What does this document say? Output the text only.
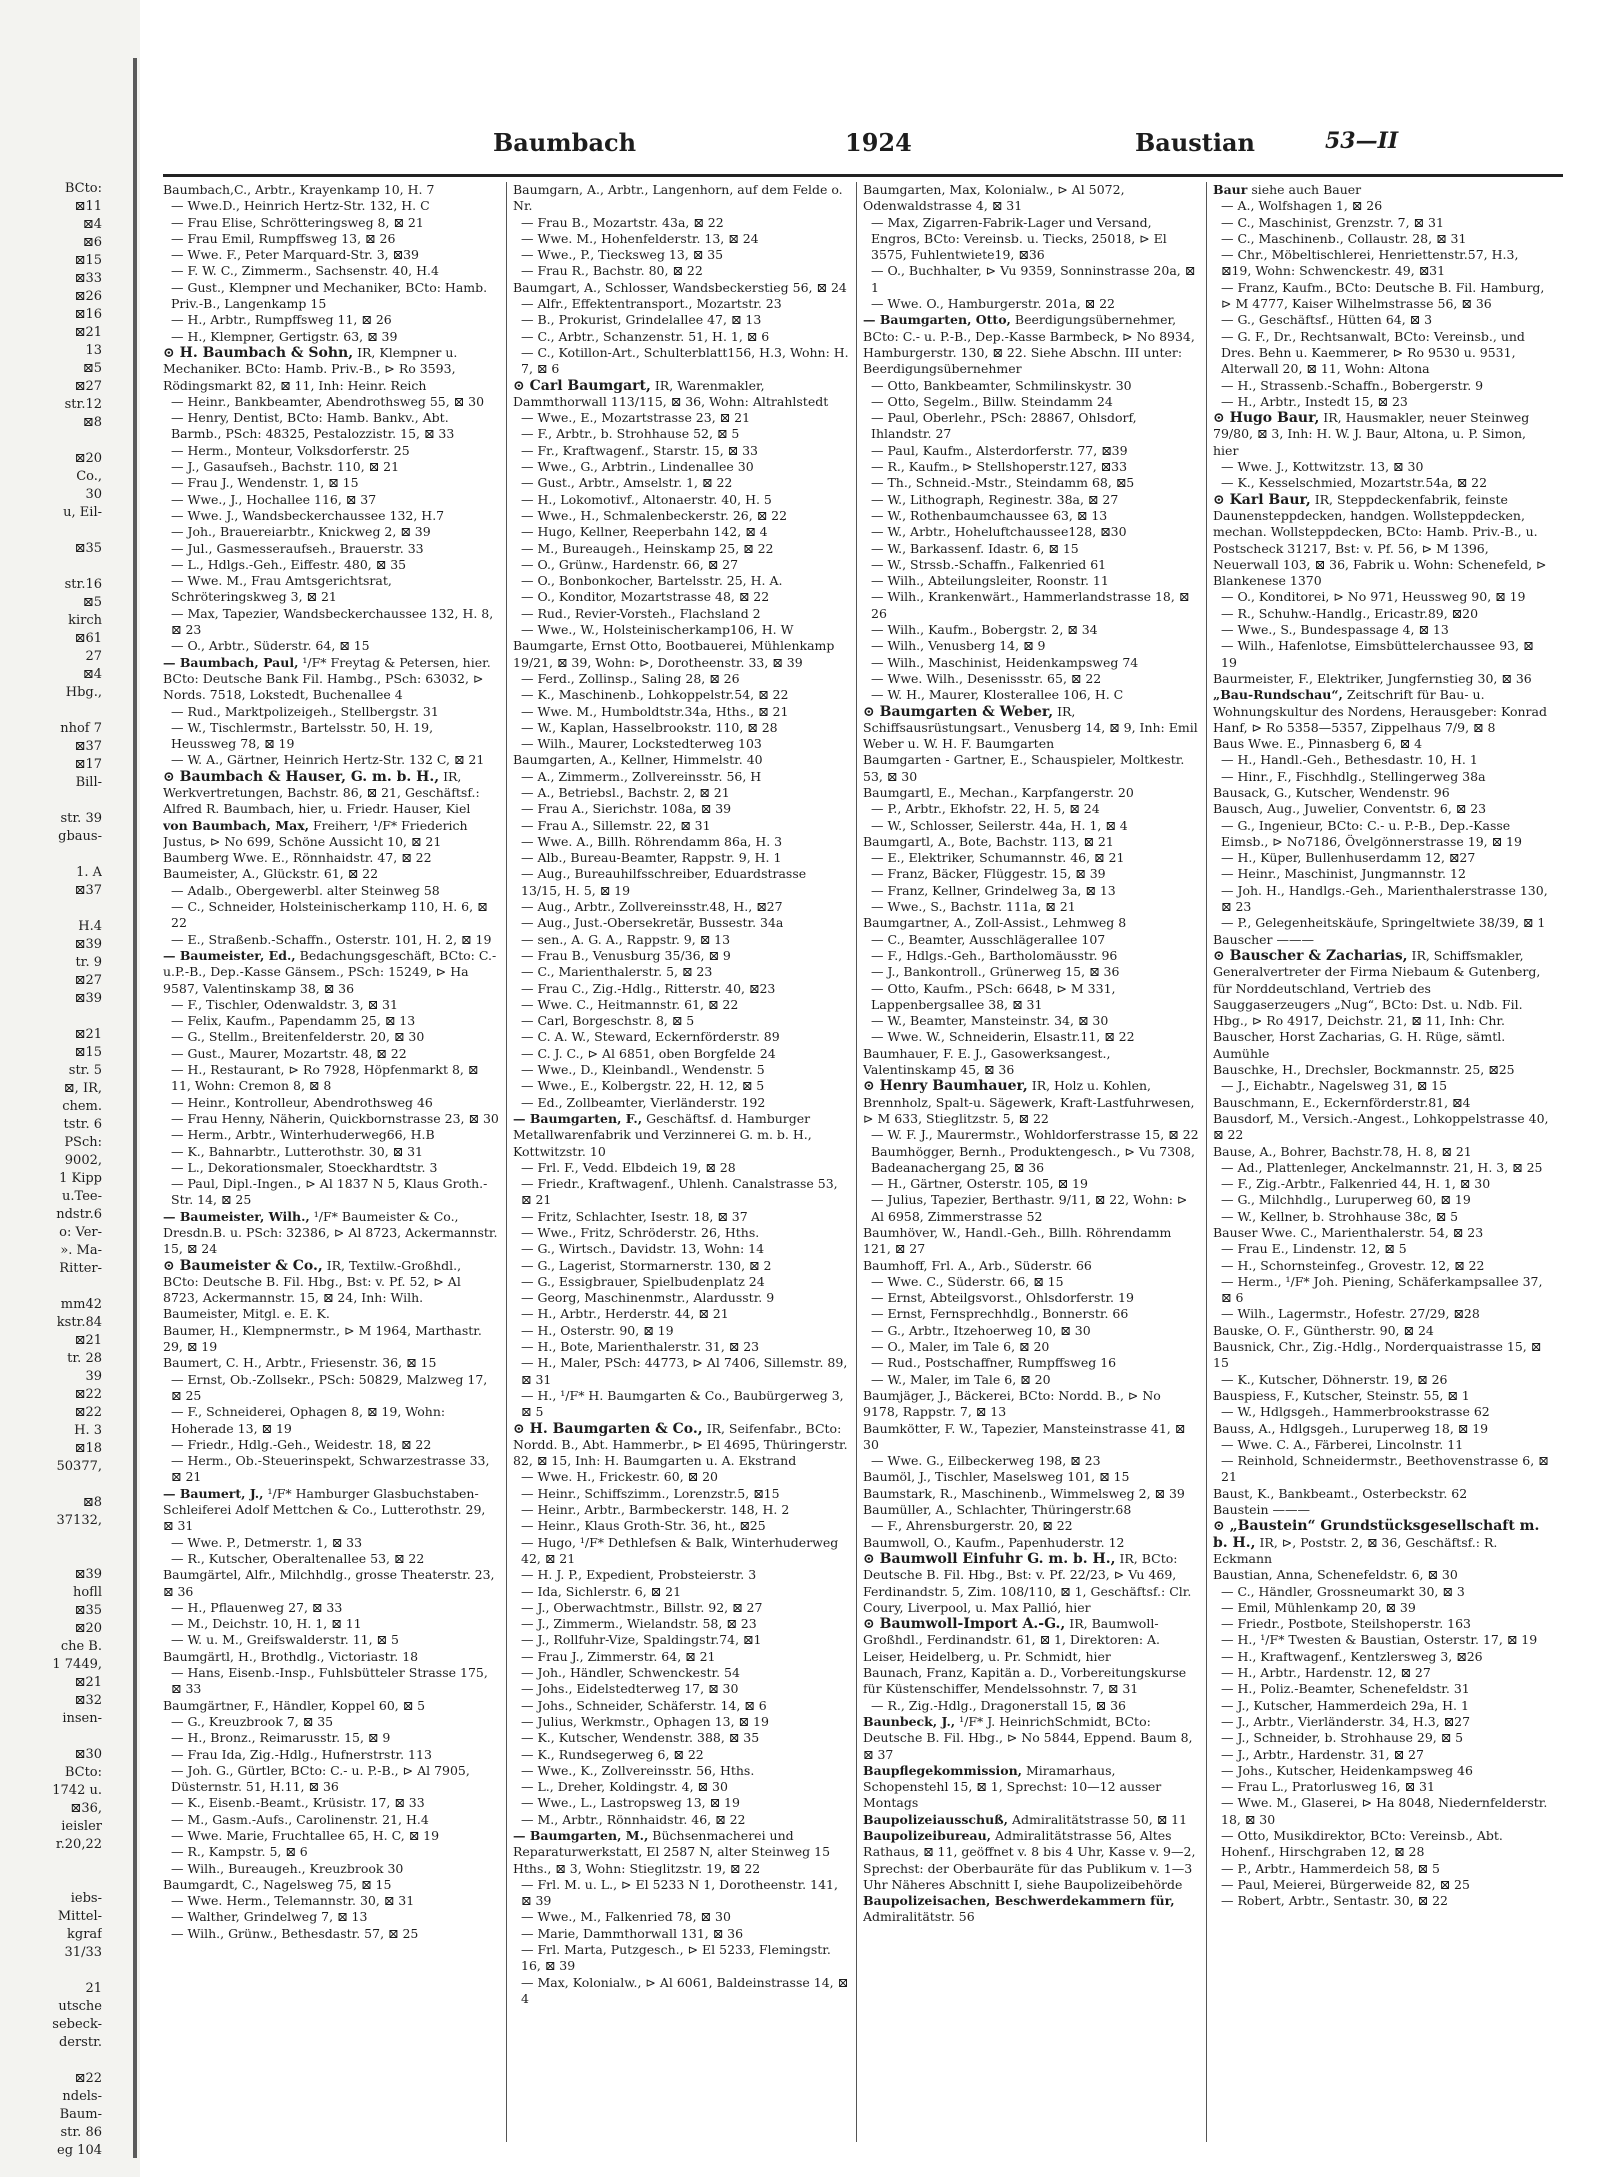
BCto:
⊠11
⊠4
⊠6
⊠15
⊠33
⊠26
⊠16
⊠21
13
⊠5
⊠27
str.12
⊠8
⊠20
Co.,
30
u, Eil-
⊠35
str.16
⊠5
kirch
⊠61
27
⊠4
Hbg.,
nhof 7
⊠37
⊠17
Bill-
str. 39
gbaus-
1. A
⊠37
H.4
⊠39
tr. 9
⊠27
⊠39
⊠21
⊠15
str. 5
⊠, IR,
chem.
tstr. 6
PSch:
9002,
1 Kipp
u.Tee-
ndstr.6
o: Ver-
». Ma-
Ritter-
mm42
kstr.84
⊠21
tr. 28
39
⊠22
⊠22
H. 3
⊠18
50377,
⊠8
37132,
⊠39
hofll
⊠35
⊠20
che B.
1 7449,
⊠21
⊠32
insen-
⊠30
BCto:
1742 u.
⊠36,
ieisler
r.20,22
iebs-
Mittel-
kgraf
31/33
21
utsche
sebeck-
derstr.
⊠22
ndels-
Baum-
str. 86
eg 104
Baumbach	1924	Baustian	53—II
Baumbach,C., Arbtr., Krayenkamp 10, H. 7
— Wwe.D., Heinrich Hertz-Str. 132, H. C
— Frau Elise, Schrötteringsweg 8, ⊠ 21
— Frau Emil, Rumpffsweg 13, ⊠ 26
— Wwe. F., Peter Marquard-Str. 3, ⊠39
— F. W. C., Zimmerm., Sachsenstr. 40, H.4
— Gust., Klempner und Mechaniker, BCto: Hamb. Priv.-B., Langenkamp 15
— H., Arbtr., Rumpffsweg 11, ⊠ 26
— H., Klempner, Gertigstr. 63, ⊠ 39
⊙ H. Baumbach & Sohn, IR, Klempner u. Mechaniker. BCto: Hamb. Priv.-B., ⊳ Ro 3593, Rödingsmarkt 82, ⊠ 11, Inh: Heinr. Reich
— Heinr., Bankbeamter, Abendrothsweg 55, ⊠ 30
— Henry, Dentist, BCto: Hamb. Bankv., Abt. Barmb., PSch: 48325, Pestalozzistr. 15, ⊠ 33
— Herm., Monteur, Volksdorferstr. 25
— J., Gasaufseh., Bachstr. 110, ⊠ 21
— Frau J., Wendenstr. 1, ⊠ 15
— Wwe., J., Hochallee 116, ⊠ 37
— Wwe. J., Wandsbeckerchaussee 132, H.7
— Joh., Brauereiarbtr., Knickweg 2, ⊠ 39
— Jul., Gasmesseraufseh., Brauerstr. 33
— L., Hdlgs.-Geh., Eiffestr. 480, ⊠ 35
— Wwe. M., Frau Amtsgerichtsrat, Schröteringskweg 3, ⊠ 21
— Max, Tapezier, Wandsbeckerchaussee 132, H. 8, ⊠ 23
— O., Arbtr., Süderstr. 64, ⊠ 15
— Baumbach, Paul, ¹/F* Freytag & Petersen, hier. BCto: Deutsche Bank Fil. Hambg., PSch: 63032, ⊳ Nords. 7518, Lokstedt, Buchenallee 4
— Rud., Marktpolizeigeh., Stellbergstr. 31
— W., Tischlermstr., Bartelsstr. 50, H. 19, Heussweg 78, ⊠ 19
— W. A., Gärtner, Heinrich Hertz-Str. 132 C, ⊠ 21
⊙ Baumbach & Hauser, G. m. b. H., IR, Werkvertretungen, Bachstr. 86, ⊠ 21, Geschäftsf.: Alfred R. Baumbach, hier, u. Friedr. Hauser, Kiel
von Baumbach, Max, Freiherr, ¹/F* Friederich Justus, ⊳ No 699, Schöne Aussicht 10, ⊠ 21
Baumberg Wwe. E., Rönnhaidstr. 47, ⊠ 22
Baumeister, A., Glückstr. 61, ⊠ 22
— Adalb., Obergewerbl. alter Steinweg 58
— C., Schneider, Holsteinischerkamp 110, H. 6, ⊠ 22
— E., Straßenb.-Schaffn., Osterstr. 101, H. 2, ⊠ 19
— Baumeister, Ed., Bedachungsgeschäft, BCto: C.-u.P.-B., Dep.-Kasse Gänsem., PSch: 15249, ⊳ Ha 9587, Valentinskamp 38, ⊠ 36
— F., Tischler, Odenwaldstr. 3, ⊠ 31
— Felix, Kaufm., Papendamm 25, ⊠ 13
— G., Stellm., Breitenfelderstr. 20, ⊠ 30
— Gust., Maurer, Mozartstr. 48, ⊠ 22
— H., Restaurant, ⊳ Ro 7928, Höpfenmarkt 8, ⊠ 11, Wohn: Cremon 8, ⊠ 8
— Heinr., Kontrolleur, Abendrothsweg 46
— Frau Henny, Näherin, Quickbornstrasse 23, ⊠ 30
— Herm., Arbtr., Winterhuderweg66, H.B
— K., Bahnarbtr., Lutterothstr. 30, ⊠ 31
— L., Dekorationsmaler, Stoeckhardtstr. 3
— Paul, Dipl.-Ingen., ⊳ Al 1837 N 5, Klaus Groth.-Str. 14, ⊠ 25
— Baumeister, Wilh., ¹/F* Baumeister & Co., Dresdn.B. u. PSch: 32386, ⊳ Al 8723, Ackermannstr. 15, ⊠ 24
⊙ Baumeister & Co., IR, Textilw.-Großhdl., BCto: Deutsche B. Fil. Hbg., Bst: v. Pf. 52, ⊳ Al 8723, Ackermannstr. 15, ⊠ 24, Inh: Wilh. Baumeister, Mitgl. e. E. K.
Baumer, H., Klempnermstr., ⊳ M 1964, Marthastr. 29, ⊠ 19
Baumert, C. H., Arbtr., Friesenstr. 36, ⊠ 15
— Ernst, Ob.-Zollsekr., PSch: 50829, Malzweg 17, ⊠ 25
— F., Schneiderei, Ophagen 8, ⊠ 19, Wohn: Hoherade 13, ⊠ 19
— Friedr., Hdlg.-Geh., Weidestr. 18, ⊠ 22
— Herm., Ob.-Steuerinspekt, Schwarzestrasse 33, ⊠ 21
— Baumert, J., ¹/F* Hamburger Glasbuchstaben-Schleiferei Adolf Mettchen & Co., Lutterothstr. 29, ⊠ 31
— Wwe. P., Detmerstr. 1, ⊠ 33
— R., Kutscher, Oberaltenallee 53, ⊠ 22
Baumgärtel, Alfr., Milchhdlg., grosse Theaterstr. 23, ⊠ 36
— H., Pflauenweg 27, ⊠ 33
— M., Deichstr. 10, H. 1, ⊠ 11
— W. u. M., Greifswalderstr. 11, ⊠ 5
Baumgärtl, H., Brothdlg., Victoriastr. 18
— Hans, Eisenb.-Insp., Fuhlsbütteler Strasse 175, ⊠ 33
Baumgärtner, F., Händler, Koppel 60, ⊠ 5
— G., Kreuzbrook 7, ⊠ 35
— H., Bronz., Reimarusstr. 15, ⊠ 9
— Frau Ida, Zig.-Hdlg., Hufnerstrstr. 113
— Joh. G., Gürtler, BCto: C.- u. P.-B., ⊳ Al 7905, Düsternstr. 51, H.11, ⊠ 36
— K., Eisenb.-Beamt., Krüsistr. 17, ⊠ 33
— M., Gasm.-Aufs., Carolinenstr. 21, H.4
— Wwe. Marie, Fruchtallee 65, H. C, ⊠ 19
— R., Kampstr. 5, ⊠ 6
— Wilh., Bureaugeh., Kreuzbrook 30
Baumgardt, C., Nagelsweg 75, ⊠ 15
— Wwe. Herm., Telemannstr. 30, ⊠ 31
— Walther, Grindelweg 7, ⊠ 13
— Wilh., Grünw., Bethesdastr. 57, ⊠ 25
Baumgarn, A., Arbtr., Langenhorn, auf dem Felde o. Nr.
— Frau B., Mozartstr. 43a, ⊠ 22
— Wwe. M., Hohenfelderstr. 13, ⊠ 24
— Wwe., P., Tiecksweg 13, ⊠ 35
— Frau R., Bachstr. 80, ⊠ 22
Baumgart, A., Schlosser, Wandsbeckerstieg 56, ⊠ 24
— Alfr., Effektentransport., Mozartstr. 23
— B., Prokurist, Grindelallee 47, ⊠ 13
— C., Arbtr., Schanzenstr. 51, H. 1, ⊠ 6
— C., Kotillon-Art., Schulterblatt156, H.3, Wohn: H. 7, ⊠ 6
⊙ Carl Baumgart, IR, Warenmakler, Dammthorwall 113/115, ⊠ 36, Wohn: Altrahlstedt
— Wwe., E., Mozartstrasse 23, ⊠ 21
— F., Arbtr., b. Strohhause 52, ⊠ 5
— Fr., Kraftwagenf., Starstr. 15, ⊠ 33
— Wwe., G., Arbtrin., Lindenallee 30
— Gust., Arbtr., Amselstr. 1, ⊠ 22
— H., Lokomotivf., Altonaerstr. 40, H. 5
— Wwe., H., Schmalenbeckerstr. 26, ⊠ 22
— Hugo, Kellner, Reeperbahn 142, ⊠ 4
— M., Bureaugeh., Heinskamp 25, ⊠ 22
— O., Grünw., Hardenstr. 66, ⊠ 27
— O., Bonbonkocher, Bartelsstr. 25, H. A.
— O., Konditor, Mozartstrasse 48, ⊠ 22
— Rud., Revier-Vorsteh., Flachsland 2
— Wwe., W., Holsteinischerkamp106, H. W
Baumgarte, Ernst Otto, Bootbauerei, Mühlenkamp 19/21, ⊠ 39, Wohn: ⊳, Dorotheenstr. 33, ⊠ 39
— Ferd., Zollinsp., Saling 28, ⊠ 26
— K., Maschinenb., Lohkoppelstr.54, ⊠ 22
— Wwe. M., Humboldtstr.34a, Hths., ⊠ 21
— W., Kaplan, Hasselbrookstr. 110, ⊠ 28
— Wilh., Maurer, Lockstedterweg 103
Baumgarten, A., Kellner, Himmelstr. 40
— A., Zimmerm., Zollvereinsstr. 56, H
— A., Betriebsl., Bachstr. 2, ⊠ 21
— Frau A., Sierichstr. 108a, ⊠ 39
— Frau A., Sillemstr. 22, ⊠ 31
— Wwe. A., Billh. Röhrendamm 86a, H. 3
— Alb., Bureau-Beamter, Rappstr. 9, H. 1
— Aug., Bureauhilfsschreiber, Eduardstrasse 13/15, H. 5, ⊠ 19
— Aug., Arbtr., Zollvereinsstr.48, H., ⊠27
— Aug., Just.-Obersekretär, Bussestr. 34a
— sen., A. G. A., Rappstr. 9, ⊠ 13
— Frau B., Venusburg 35/36, ⊠ 9
— C., Marienthalerstr. 5, ⊠ 23
— Frau C., Zig.-Hdlg., Ritterstr. 40, ⊠23
— Wwe. C., Heitmannstr. 61, ⊠ 22
— Carl, Borgeschstr. 8, ⊠ 5
— C. A. W., Steward, Eckernförderstr. 89
— C. J. C., ⊳ Al 6851, oben Borgfelde 24
— Wwe., D., Kleinbandl., Wendenstr. 5
— Wwe., E., Kolbergstr. 22, H. 12, ⊠ 5
— Ed., Zollbeamter, Vierländerstr. 192
— Baumgarten, F., Geschäftsf. d. Hamburger Metallwarenfabrik und Verzinnerei G. m. b. H., Kottwitzstr. 10
— Frl. F., Vedd. Elbdeich 19, ⊠ 28
— Friedr., Kraftwagenf., Uhlenh. Canalstrasse 53, ⊠ 21
— Fritz, Schlachter, Isestr. 18, ⊠ 37
— Wwe., Fritz, Schröderstr. 26, Hths.
— G., Wirtsch., Davidstr. 13, Wohn: 14
— G., Lagerist, Stormarnerstr. 130, ⊠ 2
— G., Essigbrauer, Spielbudenplatz 24
— Georg, Maschinenmstr., Alardusstr. 9
— H., Arbtr., Herderstr. 44, ⊠ 21
— H., Osterstr. 90, ⊠ 19
— H., Bote, Marienthalerstr. 31, ⊠ 23
— H., Maler, PSch: 44773, ⊳ Al 7406, Sillemstr. 89, ⊠ 31
— H., ¹/F* H. Baumgarten & Co., Baubürgerweg 3, ⊠ 5
⊙ H. Baumgarten & Co., IR, Seifenfabr., BCto: Nordd. B., Abt. Hammerbr., ⊳ El 4695, Thüringerstr. 82, ⊠ 15, Inh: H. Baumgarten u. A. Ekstrand
— Wwe. H., Frickestr. 60, ⊠ 20
— Heinr., Schiffszimm., Lorenzstr.5, ⊠15
— Heinr., Arbtr., Barmbeckerstr. 148, H. 2
— Heinr., Klaus Groth-Str. 36, ht., ⊠25
— Hugo, ¹/F* Dethlefsen & Balk, Winterhuderweg 42, ⊠ 21
— H. J. P., Expedient, Probsteierstr. 3
— Ida, Sichlerstr. 6, ⊠ 21
— J., Oberwachtmstr., Billstr. 92, ⊠ 27
— J., Zimmerm., Wielandstr. 58, ⊠ 23
— J., Rollfuhr-Vize, Spaldingstr.74, ⊠1
— Frau J., Zimmerstr. 64, ⊠ 21
— Joh., Händler, Schwenckestr. 54
— Johs., Eidelstedterweg 17, ⊠ 30
— Johs., Schneider, Schäferstr. 14, ⊠ 6
— Julius, Werkmstr., Ophagen 13, ⊠ 19
— K., Kutscher, Wendenstr. 388, ⊠ 35
— K., Rundsegerweg 6, ⊠ 22
— Wwe., K., Zollvereinsstr. 56, Hths.
— L., Dreher, Koldingstr. 4, ⊠ 30
— Wwe., L., Lastropsweg 13, ⊠ 19
— M., Arbtr., Rönnhaidstr. 46, ⊠ 22
— Baumgarten, M., Büchsenmacherei und Reparaturwerkstatt, El 2587 N, alter Steinweg 15 Hths., ⊠ 3, Wohn: Stieglitzstr. 19, ⊠ 22
— Frl. M. u. L., ⊳ El 5233 N 1, Dorotheenstr. 141, ⊠ 39
— Wwe., M., Falkenried 78, ⊠ 30
— Marie, Dammthorwall 131, ⊠ 36
— Frl. Marta, Putzgesch., ⊳ El 5233, Flemingstr. 16, ⊠ 39
— Max, Kolonialw., ⊳ Al 6061, Baldeinstrasse 14, ⊠ 4
Baumgarten, Max, Kolonialw., ⊳ Al 5072, Odenwaldstrasse 4, ⊠ 31
— Max, Zigarren-Fabrik-Lager und Versand, Engros, BCto: Vereinsb. u. Tiecks, 25018, ⊳ El 3575, Fuhlentwiete19, ⊠36
— O., Buchhalter, ⊳ Vu 9359, Sonninstrasse 20a, ⊠ 1
— Wwe. O., Hamburgerstr. 201a, ⊠ 22
— Baumgarten, Otto, Beerdigungsübernehmer, BCto: C.- u. P.-B., Dep.-Kasse Barmbeck, ⊳ No 8934, Hamburgerstr. 130, ⊠ 22. Siehe Abschn. III unter: Beerdigungsübernehmer
— Otto, Bankbeamter, Schmilinskystr. 30
— Otto, Segelm., Billw. Steindamm 24
— Paul, Oberlehr., PSch: 28867, Ohlsdorf, Ihlandstr. 27
— Paul, Kaufm., Alsterdorferstr. 77, ⊠39
— R., Kaufm., ⊳ Stellshoperstr.127, ⊠33
— Th., Schneid.-Mstr., Steindamm 68, ⊠5
— W., Lithograph, Reginestr. 38a, ⊠ 27
— W., Rothenbaumchaussee 63, ⊠ 13
— W., Arbtr., Hoheluftchaussee128, ⊠30
— W., Barkassenf. Idastr. 6, ⊠ 15
— W., Strssb.-Schaffn., Falkenried 61
— Wilh., Abteilungsleiter, Roonstr. 11
— Wilh., Krankenwärt., Hammerlandstrasse 18, ⊠ 26
— Wilh., Kaufm., Bobergstr. 2, ⊠ 34
— Wilh., Venusberg 14, ⊠ 9
— Wilh., Maschinist, Heidenkampsweg 74
— Wwe. Wilh., Desenissstr. 65, ⊠ 22
— W. H., Maurer, Klosterallee 106, H. C
⊙ Baumgarten & Weber, IR, Schiffsausrüstungsart., Venusberg 14, ⊠ 9, Inh: Emil Weber u. W. H. F. Baumgarten
Baumgarten - Gartner, E., Schauspieler, Moltkestr. 53, ⊠ 30
Baumgartl, E., Mechan., Karpfangerstr. 20
— P., Arbtr., Ekhofstr. 22, H. 5, ⊠ 24
— W., Schlosser, Seilerstr. 44a, H. 1, ⊠ 4
Baumgartl, A., Bote, Bachstr. 113, ⊠ 21
— E., Elektriker, Schumannstr. 46, ⊠ 21
— Franz, Bäcker, Flüggestr. 15, ⊠ 39
— Franz, Kellner, Grindelweg 3a, ⊠ 13
— Wwe., S., Bachstr. 111a, ⊠ 21
Baumgartner, A., Zoll-Assist., Lehmweg 8
— C., Beamter, Ausschlägerallee 107
— F., Hdlgs.-Geh., Bartholomäusstr. 96
— J., Bankontroll., Grünerweg 15, ⊠ 36
— Otto, Kaufm., PSch: 6648, ⊳ M 331, Lappenbergsallee 38, ⊠ 31
— W., Beamter, Mansteinstr. 34, ⊠ 30
— Wwe. W., Schneiderin, Elsastr.11, ⊠ 22
Baumhauer, F. E. J., Gasowerksangest., Valentinskamp 45, ⊠ 36
⊙ Henry Baumhauer, IR, Holz u. Kohlen, Brennholz, Spalt-u. Sägewerk, Kraft-Lastfuhrwesen, ⊳ M 633, Stieglitzstr. 5, ⊠ 22
— W. F. J., Maurermstr., Wohldorferstrasse 15, ⊠ 22
Baumhögger, Bernh., Produktengesch., ⊳ Vu 7308, Badeanachergang 25, ⊠ 36
— H., Gärtner, Osterstr. 105, ⊠ 19
— Julius, Tapezier, Berthastr. 9/11, ⊠ 22, Wohn: ⊳ Al 6958, Zimmerstrasse 52
Baumhöver, W., Handl.-Geh., Billh. Röhrendamm 121, ⊠ 27
Baumhoff, Frl. A., Arb., Süderstr. 66
— Wwe. C., Süderstr. 66, ⊠ 15
— Ernst, Abteilgsvorst., Ohlsdorferstr. 19
— Ernst, Fernsprechhdlg., Bonnerstr. 66
— G., Arbtr., Itzehoerweg 10, ⊠ 30
— O., Maler, im Tale 6, ⊠ 20
— Rud., Postschaffner, Rumpffsweg 16
— W., Maler, im Tale 6, ⊠ 20
Baumjäger, J., Bäckerei, BCto: Nordd. B., ⊳ No 9178, Rappstr. 7, ⊠ 13
Baumkötter, F. W., Tapezier, Mansteinstrasse 41, ⊠ 30
— Wwe. G., Eilbeckerweg 198, ⊠ 23
Baumöl, J., Tischler, Maselsweg 101, ⊠ 15
Baumstark, R., Maschinenb., Wimmelsweg 2, ⊠ 39
Baumüller, A., Schlachter, Thüringerstr.68
— F., Ahrensburgerstr. 20, ⊠ 22
Baumwoll, O., Kaufm., Papenhuderstr. 12
⊙ Baumwoll Einfuhr G. m. b. H., IR, BCto: Deutsche B. Fil. Hbg., Bst: v. Pf. 22/23, ⊳ Vu 469, Ferdinandstr. 5, Zim. 108/110, ⊠ 1, Geschäftsf.: Clr. Coury, Liverpool, u. Max Pallió, hier
⊙ Baumwoll-Import A.-G., IR, Baumwoll-Großhdl., Ferdinandstr. 61, ⊠ 1, Direktoren: A. Leiser, Heidelberg, u. Pr. Schmidt, hier
Baunach, Franz, Kapitän a. D., Vorbereitungskurse für Küstenschiffer, Mendelssohnstr. 7, ⊠ 31
— R., Zig.-Hdlg., Dragonerstall 15, ⊠ 36
Baunbeck, J., ¹/F* J. HeinrichSchmidt, BCto: Deutsche B. Fil. Hbg., ⊳ No 5844, Eppend. Baum 8, ⊠ 37
Baupflegekommission, Miramarhaus, Schopenstehl 15, ⊠ 1, Sprechst: 10—12 ausser Montags
Baupolizeiausschuß, Admiralitätstrasse 50, ⊠ 11
Baupolizeibureau, Admiralitätstrasse 56, Altes Rathaus, ⊠ 11, geöffnet v. 8 bis 4 Uhr, Kasse v. 9—2, Sprechst: der Oberbauräte für das Publikum v. 1—3 Uhr Näheres Abschnitt I, siehe Baupolizeibehörde
Baupolizeisachen, Beschwerdekammern für, Admiralitätstr. 56
Baur siehe auch Bauer
— A., Wolfshagen 1, ⊠ 26
— C., Maschinist, Grenzstr. 7, ⊠ 31
— C., Maschinenb., Collaustr. 28, ⊠ 31
— Chr., Möbeltischlerei, Henriettenstr.57, H.3, ⊠19, Wohn: Schwenckestr. 49, ⊠31
— Franz, Kaufm., BCto: Deutsche B. Fil. Hamburg, ⊳ M 4777, Kaiser Wilhelmstrasse 56, ⊠ 36
— G., Geschäftsf., Hütten 64, ⊠ 3
— G. F., Dr., Rechtsanwalt, BCto: Vereinsb., und Dres. Behn u. Kaemmerer, ⊳ Ro 9530 u. 9531, Alterwall 20, ⊠ 11, Wohn: Altona
— H., Strassenb.-Schaffn., Bobergerstr. 9
— H., Arbtr., Instedt 15, ⊠ 23
⊙ Hugo Baur, IR, Hausmakler, neuer Steinweg 79/80, ⊠ 3, Inh: H. W. J. Baur, Altona, u. P. Simon, hier
— Wwe. J., Kottwitzstr. 13, ⊠ 30
— K., Kesselschmied, Mozartstr.54a, ⊠ 22
⊙ Karl Baur, IR, Steppdeckenfabrik, feinste Daunensteppdecken, handgen. Wollsteppdecken, mechan. Wollsteppdecken, BCto: Hamb. Priv.-B., u. Postscheck 31217, Bst: v. Pf. 56, ⊳ M 1396, Neuerwall 103, ⊠ 36, Fabrik u. Wohn: Schenefeld, ⊳ Blankenese 1370
— O., Konditorei, ⊳ No 971, Heussweg 90, ⊠ 19
— R., Schuhw.-Handlg., Ericastr.89, ⊠20
— Wwe., S., Bundespassage 4, ⊠ 13
— Wilh., Hafenlotse, Eimsbüttelerchaussee 93, ⊠ 19
Baurmeister, F., Elektriker, Jungfernstieg 30, ⊠ 36
„Bau-Rundschau“, Zeitschrift für Bau- u. Wohnungskultur des Nordens, Herausgeber: Konrad Hanf, ⊳ Ro 5358—5357, Zippelhaus 7/9, ⊠ 8
Baus Wwe. E., Pinnasberg 6, ⊠ 4
— H., Handl.-Geh., Bethesdastr. 10, H. 1
— Hinr., F., Fischhdlg., Stellingerweg 38a
Bausack, G., Kutscher, Wendenstr. 96
Bausch, Aug., Juwelier, Conventstr. 6, ⊠ 23
— G., Ingenieur, BCto: C.- u. P.-B., Dep.-Kasse Eimsb., ⊳ No7186, Övelgönnerstrasse 19, ⊠ 19
— H., Küper, Bullenhuserdamm 12, ⊠27
— Heinr., Maschinist, Jungmannstr. 12
— Joh. H., Handlgs.-Geh., Marienthalerstrasse 130, ⊠ 23
— P., Gelegenheitskäufe, Springeltwiete 38/39, ⊠ 1
Bauscher ———
⊙ Bauscher & Zacharias, IR, Schiffsmakler, Generalvertreter der Firma Niebaum & Gutenberg, für Norddeutschland, Vertrieb des Sauggaserzeugers „Nug“, BCto: Dst. u. Ndb. Fil. Hbg., ⊳ Ro 4917, Deichstr. 21, ⊠ 11, Inh: Chr. Bauscher, Horst Zacharias, G. H. Rüge, sämtl. Aumühle
Bauschke, H., Drechsler, Bockmannstr. 25, ⊠25
— J., Eichabtr., Nagelsweg 31, ⊠ 15
Bauschmann, E., Eckernförderstr.81, ⊠4
Bausdorf, M., Versich.-Angest., Lohkoppelstrasse 40, ⊠ 22
Bause, A., Bohrer, Bachstr.78, H. 8, ⊠ 21
— Ad., Plattenleger, Anckelmannstr. 21, H. 3, ⊠ 25
— F., Zig.-Arbtr., Falkenried 44, H. 1, ⊠ 30
— G., Milchhdlg., Luruperweg 60, ⊠ 19
— W., Kellner, b. Strohhause 38c, ⊠ 5
Bauser Wwe. C., Marienthalerstr. 54, ⊠ 23
— Frau E., Lindenstr. 12, ⊠ 5
— H., Schornsteinfeg., Grovestr. 12, ⊠ 22
— Herm., ¹/F* Joh. Piening, Schäferkampsallee 37, ⊠ 6
— Wilh., Lagermstr., Hofestr. 27/29, ⊠28
Bauske, O. F., Güntherstr. 90, ⊠ 24
Bausnick, Chr., Zig.-Hdlg., Norderquaistrasse 15, ⊠ 15
— K., Kutscher, Döhnerstr. 19, ⊠ 26
Bauspiess, F., Kutscher, Steinstr. 55, ⊠ 1
— W., Hdlgsgeh., Hammerbrookstrasse 62
Bauss, A., Hdlgsgeh., Luruperweg 18, ⊠ 19
— Wwe. C. A., Färberei, Lincolnstr. 11
— Reinhold, Schneidermstr., Beethovenstrasse 6, ⊠ 21
Baust, K., Bankbeamt., Osterbeckstr. 62
Baustein ———
⊙ „Baustein“ Grundstücksgesellschaft m. b. H., IR, ⊳, Poststr. 2, ⊠ 36, Geschäftsf.: R. Eckmann
Baustian, Anna, Schenefeldstr. 6, ⊠ 30
— C., Händler, Grossneumarkt 30, ⊠ 3
— Emil, Mühlenkamp 20, ⊠ 39
— Friedr., Postbote, Steilshoperstr. 163
— H., ¹/F* Twesten & Baustian, Osterstr. 17, ⊠ 19
— H., Kraftwagenf., Kentzlersweg 3, ⊠26
— H., Arbtr., Hardenstr. 12, ⊠ 27
— H., Poliz.-Beamter, Schenefeldstr. 31
— J., Kutscher, Hammerdeich 29a, H. 1
— J., Arbtr., Vierländerstr. 34, H.3, ⊠27
— J., Schneider, b. Strohhause 29, ⊠ 5
— J., Arbtr., Hardenstr. 31, ⊠ 27
— Johs., Kutscher, Heidenkampsweg 46
— Frau L., Pratorlusweg 16, ⊠ 31
— Wwe. M., Glaserei, ⊳ Ha 8048, Niedernfelderstr. 18, ⊠ 30
— Otto, Musikdirektor, BCto: Vereinsb., Abt. Hohenf., Hirschgraben 12, ⊠ 28
— P., Arbtr., Hammerdeich 58, ⊠ 5
— Paul, Meierei, Bürgerweide 82, ⊠ 25
— Robert, Arbtr., Sentastr. 30, ⊠ 22
